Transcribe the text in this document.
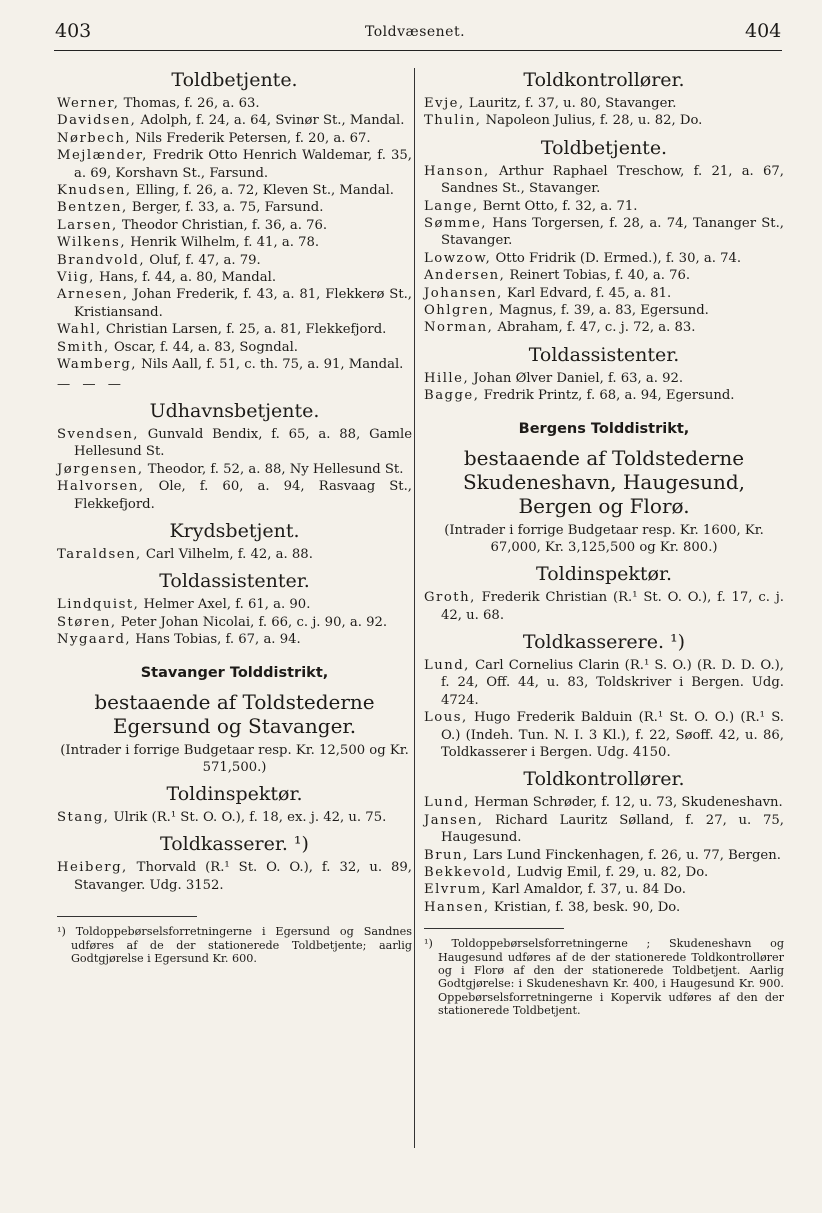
403	Toldvæsenet.	404
Toldbetjente.
Werner, Thomas, f. 26, a. 63.
Davidsen, Adolph, f. 24, a. 64, Svinør St., Mandal.
Nørbech, Nils Frederik Petersen, f. 20, a. 67.
Mejlænder, Fredrik Otto Henrich Waldemar, f. 35, a. 69, Korshavn St., Farsund.
Knudsen, Elling, f. 26, a. 72, Kleven St., Mandal.
Bentzen, Berger, f. 33, a. 75, Farsund.
Larsen, Theodor Christian, f. 36, a. 76.
Wilkens, Henrik Wilhelm, f. 41, a. 78.
Brandvold, Oluf, f. 47, a. 79.
Viig, Hans, f. 44, a. 80, Mandal.
Arnesen, Johan Frederik, f. 43, a. 81, Flekkerø St., Kristiansand.
Wahl, Christian Larsen, f. 25, a. 81, Flekkefjord.
Smith, Oscar, f. 44, a. 83, Sogndal.
Wamberg, Nils Aall, f. 51, c. th. 75, a. 91, Mandal.
— — —
Udhavnsbetjente.
Svendsen, Gunvald Bendix, f. 65, a. 88, Gamle Hellesund St.
Jørgensen, Theodor, f. 52, a. 88, Ny Hellesund St.
Halvorsen, Ole, f. 60, a. 94, Rasvaag St., Flekkefjord.
Krydsbetjent.
Taraldsen, Carl Vilhelm, f. 42, a. 88.
Toldassistenter.
Lindquist, Helmer Axel, f. 61, a. 90.
Støren, Peter Johan Nicolai, f. 66, c. j. 90, a. 92.
Nygaard, Hans Tobias, f. 67, a. 94.
Stavanger Tolddistrikt,
bestaaende af Toldstederne Egersund og Stavanger.
(Intrader i forrige Budgetaar resp. Kr. 12,500 og Kr. 571,500.)
Toldinspektør.
Stang, Ulrik (R.¹ St. O. O.), f. 18, ex. j. 42, u. 75.
Toldkasserer. ¹)
Heiberg, Thorvald (R.¹ St. O. O.), f. 32, u. 89, Stavanger. Udg. 3152.
¹) Toldoppebørselsforretningerne i Egersund og Sandnes udføres af de der stationerede Toldbetjente; aarlig Godtgjørelse i Egersund Kr. 600.
Toldkontrollører.
Evje, Lauritz, f. 37, u. 80, Stavanger.
Thulin, Napoleon Julius, f. 28, u. 82, Do.
Toldbetjente.
Hanson, Arthur Raphael Treschow, f. 21, a. 67, Sandnes St., Stavanger.
Lange, Bernt Otto, f. 32, a. 71.
Sømme, Hans Torgersen, f. 28, a. 74, Tananger St., Stavanger.
Lowzow, Otto Fridrik (D. Ermed.), f. 30, a. 74.
Andersen, Reinert Tobias, f. 40, a. 76.
Johansen, Karl Edvard, f. 45, a. 81.
Ohlgren, Magnus, f. 39, a. 83, Egersund.
Norman, Abraham, f. 47, c. j. 72, a. 83.
Toldassistenter.
Hille, Johan Ølver Daniel, f. 63, a. 92.
Bagge, Fredrik Printz, f. 68, a. 94, Egersund.
Bergens Tolddistrikt,
bestaaende af Toldstederne Skudeneshavn, Haugesund, Bergen og Florø.
(Intrader i forrige Budgetaar resp. Kr. 1600, Kr. 67,000, Kr. 3,125,500 og Kr. 800.)
Toldinspektør.
Groth, Frederik Christian (R.¹ St. O. O.), f. 17, c. j. 42, u. 68.
Toldkasserere. ¹)
Lund, Carl Cornelius Clarin (R.¹ S. O.) (R. D. D. O.), f. 24, Off. 44, u. 83, Toldskriver i Bergen. Udg. 4724.
Lous, Hugo Frederik Balduin (R.¹ St. O. O.) (R.¹ S. O.) (Indeh. Tun. N. I. 3 Kl.), f. 22, Søoff. 42, u. 86, Toldkasserer i Bergen. Udg. 4150.
Toldkontrollører.
Lund, Herman Schrøder, f. 12, u. 73, Skudeneshavn.
Jansen, Richard Lauritz Sølland, f. 27, u. 75, Haugesund.
Brun, Lars Lund Finckenhagen, f. 26, u. 77, Bergen.
Bekkevold, Ludvig Emil, f. 29, u. 82, Do.
Elvrum, Karl Amaldor, f. 37, u. 84 Do.
Hansen, Kristian, f. 38, besk. 90, Do.
¹) Toldoppebørselsforretningerne ; Skudeneshavn og Haugesund udføres af de der stationerede Toldkontrollører og i Florø af den der stationerede Toldbetjent. Aarlig Godtgjørelse: i Skudeneshavn Kr. 400, i Haugesund Kr. 900. Oppebørselsforretningerne i Kopervik udføres af den der stationerede Toldbetjent.
